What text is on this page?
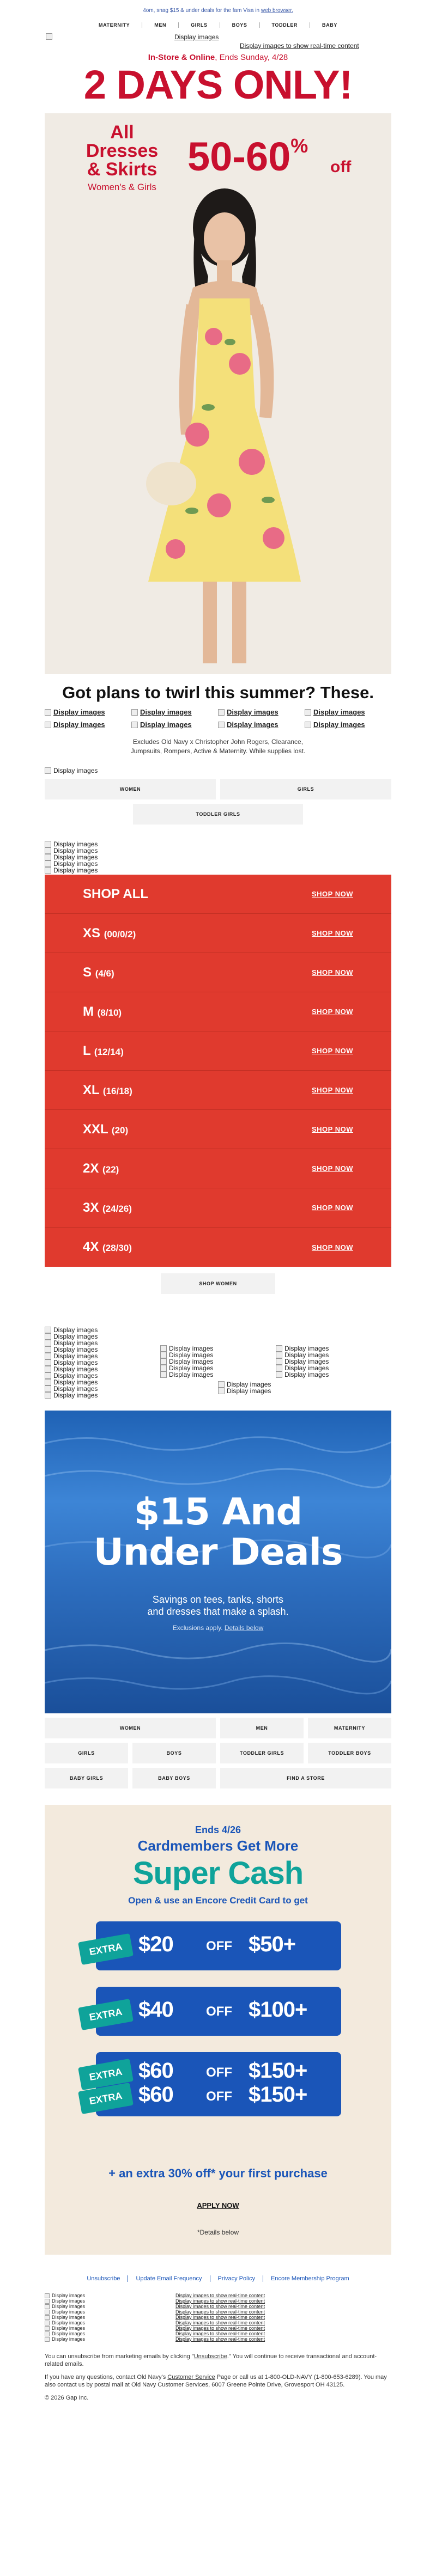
4om, snag $15 & under deals for the fam Visa in web browser.
MATERNITY	MEN	GIRLS	BOYS	TODDLER	BABY
Display images
Display images to show real-time content
In-Store & Online, Ends Sunday, 4/28
2 DAYS ONLY!
All
Dresses
& Skirts
Women's & Girls
50-60%
off
Got plans to twirl this summer? These.
Display images	Display images	Display images	Display images
Display images	Display images	Display images	Display images
Excludes Old Navy x Christopher John Rogers, Clearance,
Jumpsuits, Rompers, Active & Maternity. While supplies lost.
Display images
WOMEN	GIRLS
TODDLER GIRLS
Display images
Display images
Display images
Display images
Display images
SHOP ALL	SHOP NOW
XS (00/0/2)	SHOP NOW
S (4/6)	SHOP NOW
M (8/10)	SHOP NOW
L (12/14)	SHOP NOW
XL (16/18)	SHOP NOW
XXL (20)	SHOP NOW
2X (22)	SHOP NOW
3X (24/26)	SHOP NOW
4X (28/30)	SHOP NOW
SHOP WOMEN
Display images
Display images
Display images
Display images
Display images
Display images
Display images
Display images
Display images
Display images
Display images
Display images
Display images
Display images
Display images
Display images
Display images
Display images
Display images
Display images
Display images
Display images
Display images
$15 And
Under Deals
Savings on tees, tanks, shorts
and dresses that make a splash.
Exclusions apply. Details below
WOMEN	MEN	MATERNITY
GIRLS	BOYS	TODDLER GIRLS	TODDLER BOYS
BABY GIRLS	BABY BOYS	FIND A STORE
Ends 4/26
Cardmembers Get More
Super Cash
Open & use an Encore Credit Card to get
EXTRA $20	OFF $50+
EXTRA $40	OFF $100+
EXTRA $60	OFF $150+
EXTRA $60	OFF $150+
+ an extra 30% off* your first purchase
APPLY NOW
*Details below
Unsubscribe	Update Email Frequency	Privacy Policy	Encore Membership Program
Display images
Display images
Display images
Display images
Display images
Display images
Display images
Display images
Display images
Display images to show real-time content
Display images to show real-time content
Display images to show real-time content
Display images to show real-time content
Display images to show real-time content
Display images to show real-time content
Display images to show real-time content
Display images to show real-time content
Display images to show real-time content

You can unsubscribe from marketing emails by clicking "Unsubscribe." You will continue to receive transactional and account-related emails.

If you have any questions, contact Old Navy's Customer Service Page or call us at 1-800-OLD-NAVY (1-800-653-6289). You may also contact us by postal mail at Old Navy Customer Services, 6007 Greene Pointe Drive, Grovesport OH 43125.

© 2026 Gap Inc.
